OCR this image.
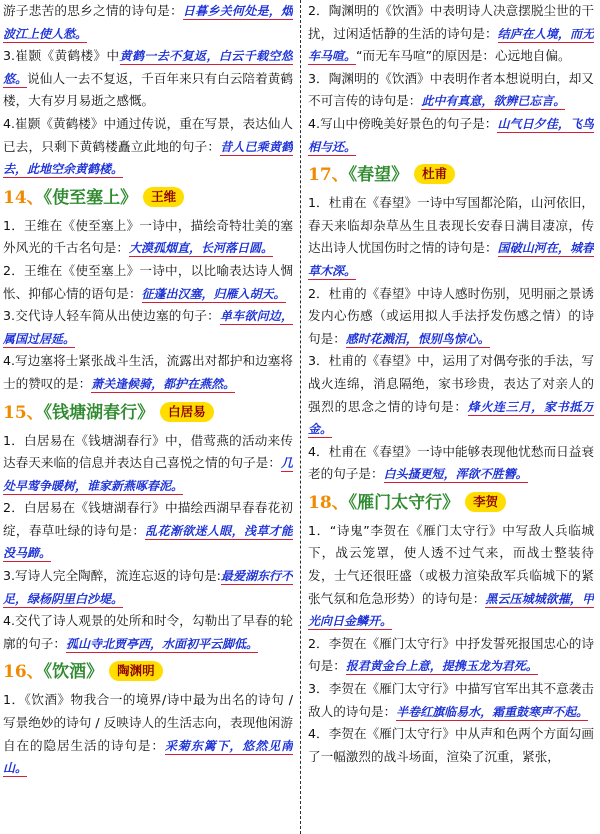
游子悲苦的思乡之情的诗句是：日暮乡关何处是，烟波江上使人愁。

3.崔颢《黄鹤楼》中黄鹤一去不复返，白云千载空悠悠。说仙人一去不复返，千百年来只有白云陪着黄鹤楼，大有岁月易逝之感慨。

4.崔颢《黄鹤楼》中通过传说，重在写景，表达仙人已去，只剩下黄鹤楼矗立此地的句子：昔人已乘黄鹤去，此地空余黄鹤楼。

14、《使至塞上》 王维

1．王维在《使至塞上》一诗中，描绘奇特壮美的塞外风光的千古名句是：大漠孤烟直，长河落日圆。

2．王维在《使至塞上》一诗中，以比喻表达诗人惆怅、抑郁心情的语句是：征蓬出汉塞，归雁入胡天。

3.交代诗人轻车简从出使边塞的句子：单车欲问边，属国过居延。

4.写边塞将士紧张战斗生活，流露出对都护和边塞将士的赞叹的是：萧关逢候骑，都护在燕然。

15、《钱塘湖春行》 白居易

1．白居易在《钱塘湖春行》中，借莺燕的活动来传达春天来临的信息并表达自己喜悦之情的句子是：几处早莺争暖树，谁家新燕啄春泥。

2．白居易在《钱塘湖春行》中描绘西湖早春春花初绽，春草吐绿的诗句是：乱花渐欲迷人眼，浅草才能没马蹄。

3.写诗人完全陶醉，流连忘返的诗句是:最爱湖东行不足，绿杨阴里白沙堤。

4.交代了诗人观景的处所和时令，勾勒出了早春的轮廓的句子：孤山寺北贾亭西，水面初平云脚低。

16、《饮酒》 陶渊明

1．《饮酒》物我合一的境界/诗中最为出名的诗句 / 写景绝妙的诗句 / 反映诗人的生活志向，表现他闲游自在的隐居生活的诗句是：采菊东篱下，悠然见南山。

2．陶渊明的《饮酒》中表明诗人决意摆脱尘世的干扰，过闲适恬静的生活的诗句是：结庐在人境，而无车马喧。“而无车马喧”的原因是：心远地自偏。

3．陶渊明的《饮酒》中表明作者本想说明白，却又不可言传的诗句是：此中有真意，欲辨已忘言。

4.写山中傍晚美好景色的句子是：山气日夕佳，飞鸟相与还。

17、《春望》 杜甫

1．杜甫在《春望》一诗中写国都沦陷，山河依旧，春天来临却杂草丛生且表现长安春日满目凄凉，传达出诗人忧国伤时之情的诗句是：国破山河在，城春草木深。

2．杜甫的《春望》中诗人感时伤别，见明丽之景诱发内心伤感（或运用拟人手法抒发伤感之情）的诗句是：感时花溅泪，恨别鸟惊心。

3．杜甫的《春望》中，运用了对偶夸张的手法，写战火连绵，消息隔绝，家书珍贵，表达了对亲人的强烈的思念之情的诗句是：烽火连三月，家书抵万金。

4．杜甫在《春望》一诗中能够表现他忧愁而日益衰老的句子是：白头搔更短，浑欲不胜簪。

18、《雁门太守行》 李贺

1．“诗鬼”李贺在《雁门太守行》中写敌人兵临城下，战云笼罩，使人透不过气来，而战士整装待发，士气还很旺盛（或极力渲染敌军兵临城下的紧张气氛和危急形势）的诗句是：黑云压城城欲摧，甲光向日金鳞开。

2．李贺在《雁门太守行》中抒发誓死报国忠心的诗句是：报君黄金台上意，提携玉龙为君死。

3．李贺在《雁门太守行》中描写官军出其不意袭击敌人的诗句是：半卷红旗临易水，霜重鼓寒声不起。

4．李贺在《雁门太守行》中从声和色两个方面勾画了一幅激烈的战斗场面，渲染了沉重，紧张，
